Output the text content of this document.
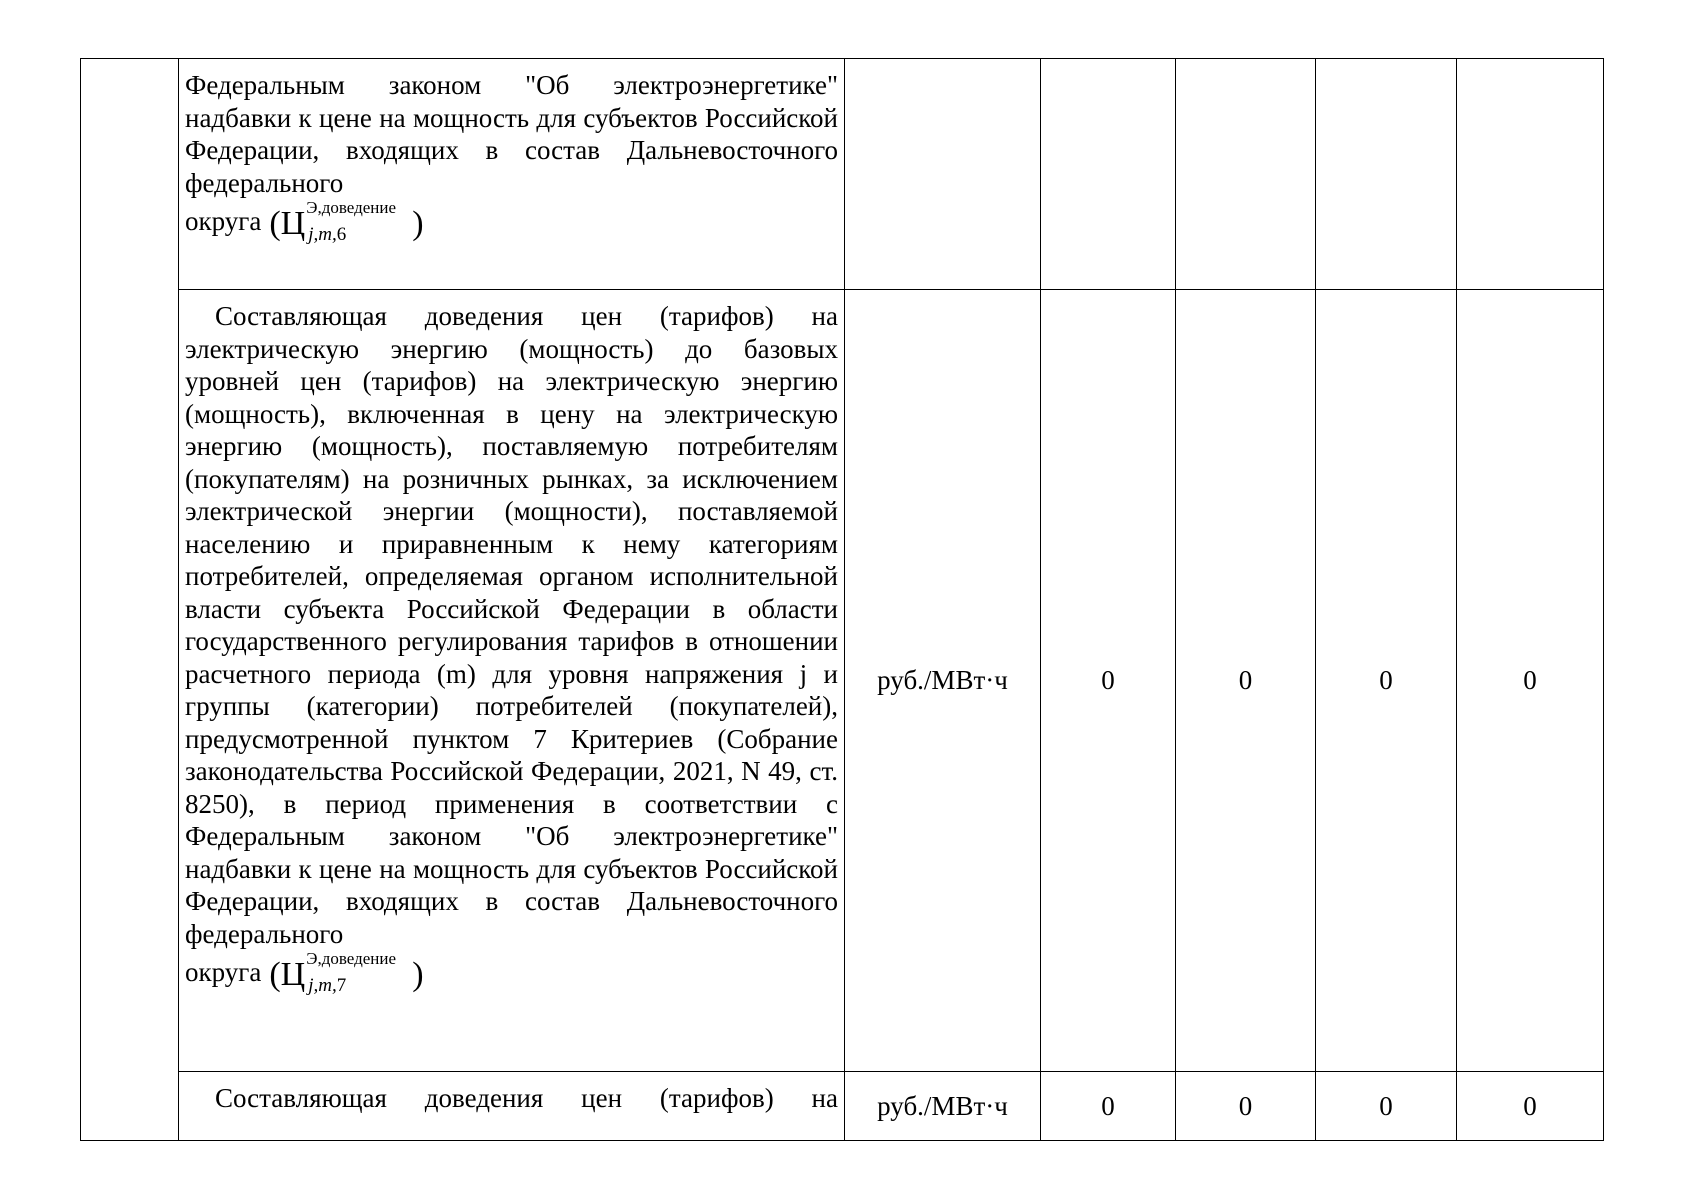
	Федеральным законом "Об электроэнергетике" надбавки к цене на мощность для субъектов Российской Федерации, входящих в состав Дальневосточного федерального
округа (Ц Э,доведение
j,m,6 )					

	Составляющая доведения цен (тарифов) на электрическую энергию (мощность) до базовых уровней цен (тарифов) на электрическую энергию (мощность), включенная в цену на электрическую энергию (мощность), поставляемую потребителям (покупателям) на розничных рынках, за исключением электрической энергии (мощности), поставляемой населению и приравненным к нему категориям потребителей, определяемая органом исполнительной власти субъекта Российской Федерации в области государственного регулирования тарифов в отношении расчетного периода (m) для уровня напряжения j и группы (категории) потребителей (покупателей), предусмотренной пунктом 7 Критериев (Собрание законодательства Российской Федерации, 2021, N 49, ст. 8250), в период применения в соответствии с Федеральным законом "Об электроэнергетике" надбавки к цене на мощность для субъектов Российской Федерации, входящих в состав Дальневосточного федерального
округа (Ц Э,доведение
j,m,7 )	руб./МВт·ч	0	0	0	0

	Составляющая доведения цен (тарифов) на	руб./МВт·ч	0	0	0	0
